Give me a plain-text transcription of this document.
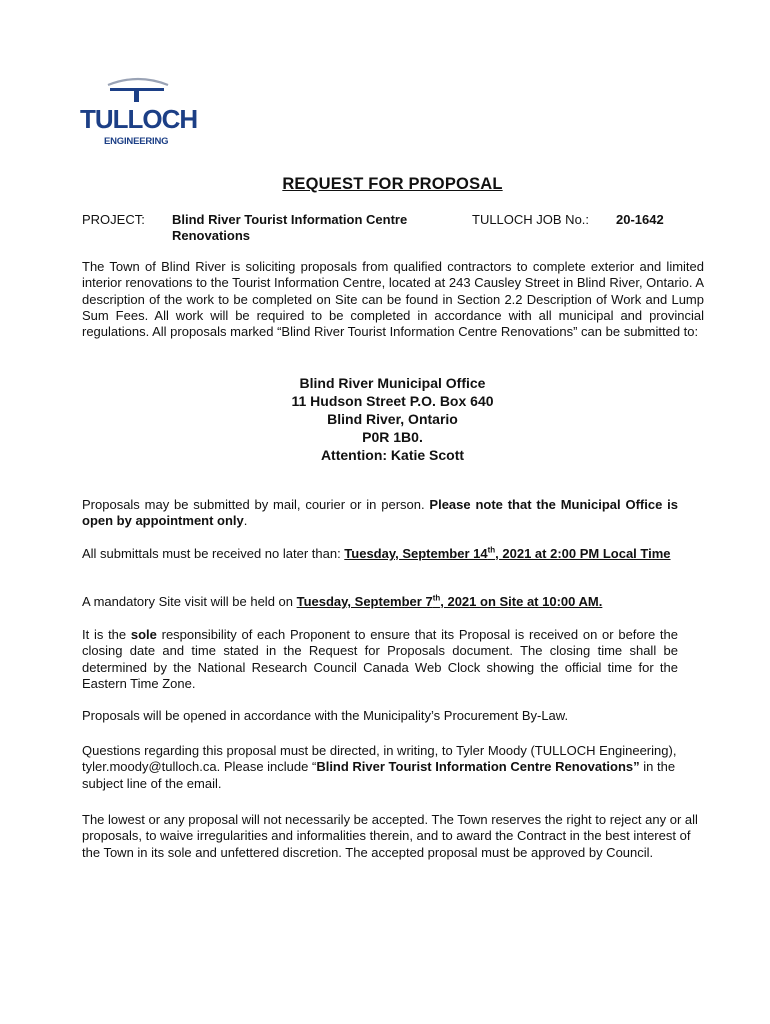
TULLOCH
ENGINEERING
REQUEST FOR PROPOSAL
PROJECT: Blind River Tourist Information Centre Renovations
TULLOCH JOB No.: 20-1642
The Town of Blind River is soliciting proposals from qualified contractors to complete exterior and limited interior renovations to the Tourist Information Centre, located at 243 Causley Street in Blind River, Ontario. A description of the work to be completed on Site can be found in Section 2.2 Description of Work and Lump Sum Fees. All work will be required to be completed in accordance with all municipal and provincial regulations. All proposals marked “Blind River Tourist Information Centre Renovations” can be submitted to:
Blind River Municipal Office
11 Hudson Street P.O. Box 640
Blind River, Ontario
P0R 1B0.
Attention: Katie Scott
Proposals may be submitted by mail, courier or in person. Please note that the Municipal Office is open by appointment only.
All submittals must be received no later than: Tuesday, September 14th, 2021 at 2:00 PM Local Time
A mandatory Site visit will be held on Tuesday, September 7th, 2021 on Site at 10:00 AM.
It is the sole responsibility of each Proponent to ensure that its Proposal is received on or before the closing date and time stated in the Request for Proposals document. The closing time shall be determined by the National Research Council Canada Web Clock showing the official time for the Eastern Time Zone.
Proposals will be opened in accordance with the Municipality’s Procurement By-Law.
Questions regarding this proposal must be directed, in writing, to Tyler Moody (TULLOCH Engineering), tyler.moody@tulloch.ca. Please include “Blind River Tourist Information Centre Renovations” in the subject line of the email.
The lowest or any proposal will not necessarily be accepted. The Town reserves the right to reject any or all proposals, to waive irregularities and informalities therein, and to award the Contract in the best interest of the Town in its sole and unfettered discretion. The accepted proposal must be approved by Council.
